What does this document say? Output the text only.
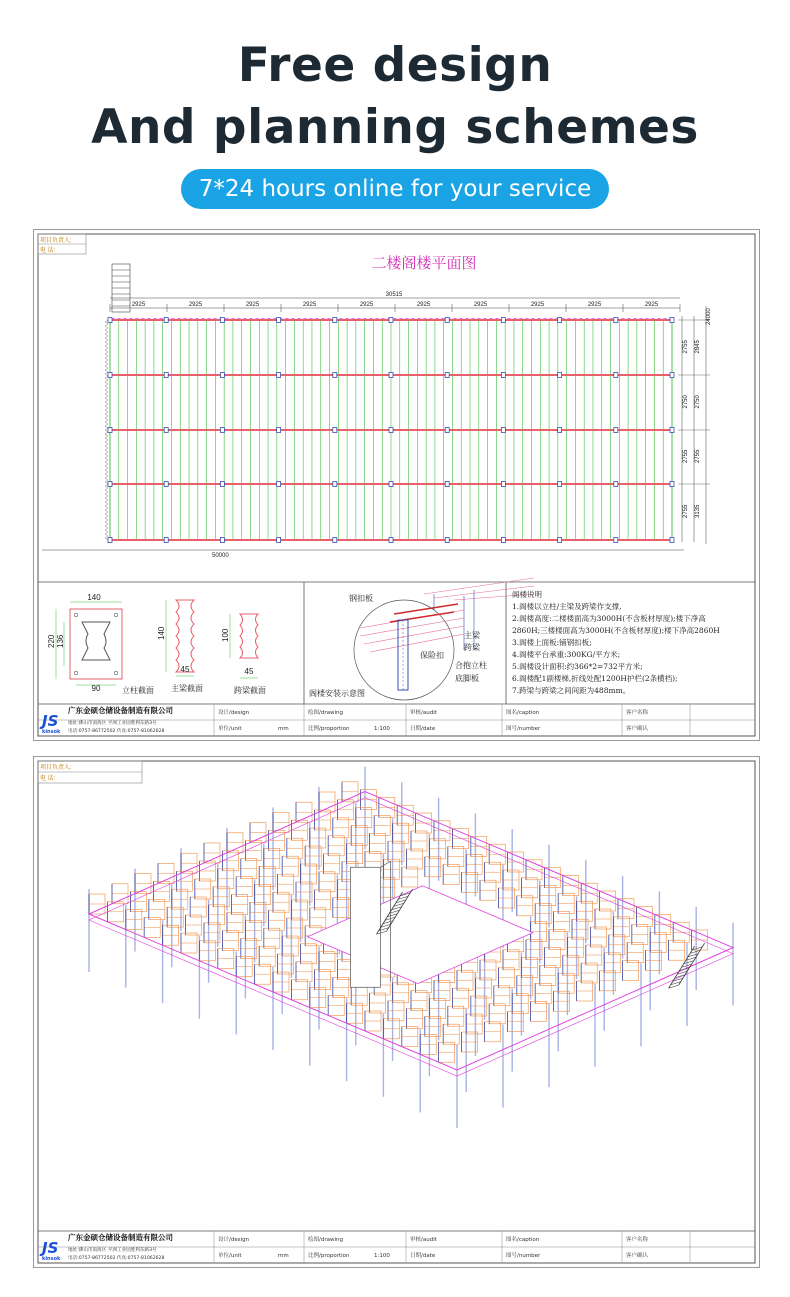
Free design
And planning schemes
7*24 hours online for your service
项目负责人:
电 话:
二楼阁楼平面图
30515
2925	2925	2925	2925	2925	2925	2925	2925	2925	2925
24000
2755 2845
2750 2750
2755 2755
2755 3135
50000
140
220 136
90	立柱截面
140
45
主梁截面
100
45
跨梁截面
钢扣板
主梁
跨梁
保险扣
合抱立柱
底脚板
阁楼安装示意图
阁楼说明
1.阁楼以立柱/主梁及跨梁作支撑,
2.阁楼高度:二楼楼面高为3000H(不含板材厚度);楼下净高
2860H;三楼楼面高为3000H(不含板材厚度);楼下净高2860H
3.阁楼上面板:铺钢扣板;
4.阁楼平台承重:300KG/平方米;
5.阁楼设计面积:约366*2=732平方米;
6.阁楼配1副楼梯,折线处配1200H护栏(2条横档);
7.跨梁与跨梁之间间距为488mm。
JS
kinsok
广东金硕仓储设备制造有限公司
地址:佛山市南海区 平洲工业园胜利东路3号
电话:0757-86772502 传真:0757-81062628
设计/design	绘图/drawing	审核/audit	图名/caption	客户名称
单位/unit	mm	比例/proportion	1:100	日期/date	图号/number	客户确认
项目负责人:
电 话:
JS
kinsok
广东金硕仓储设备制造有限公司
地址:佛山市南海区 平洲工业园胜利东路3号
电话:0757-86772502 传真:0757-81062628
设计/design	绘图/drawing	审核/audit	图名/caption	客户名称
单位/unit	mm	比例/proportion	1:100	日期/date	图号/number	客户确认
